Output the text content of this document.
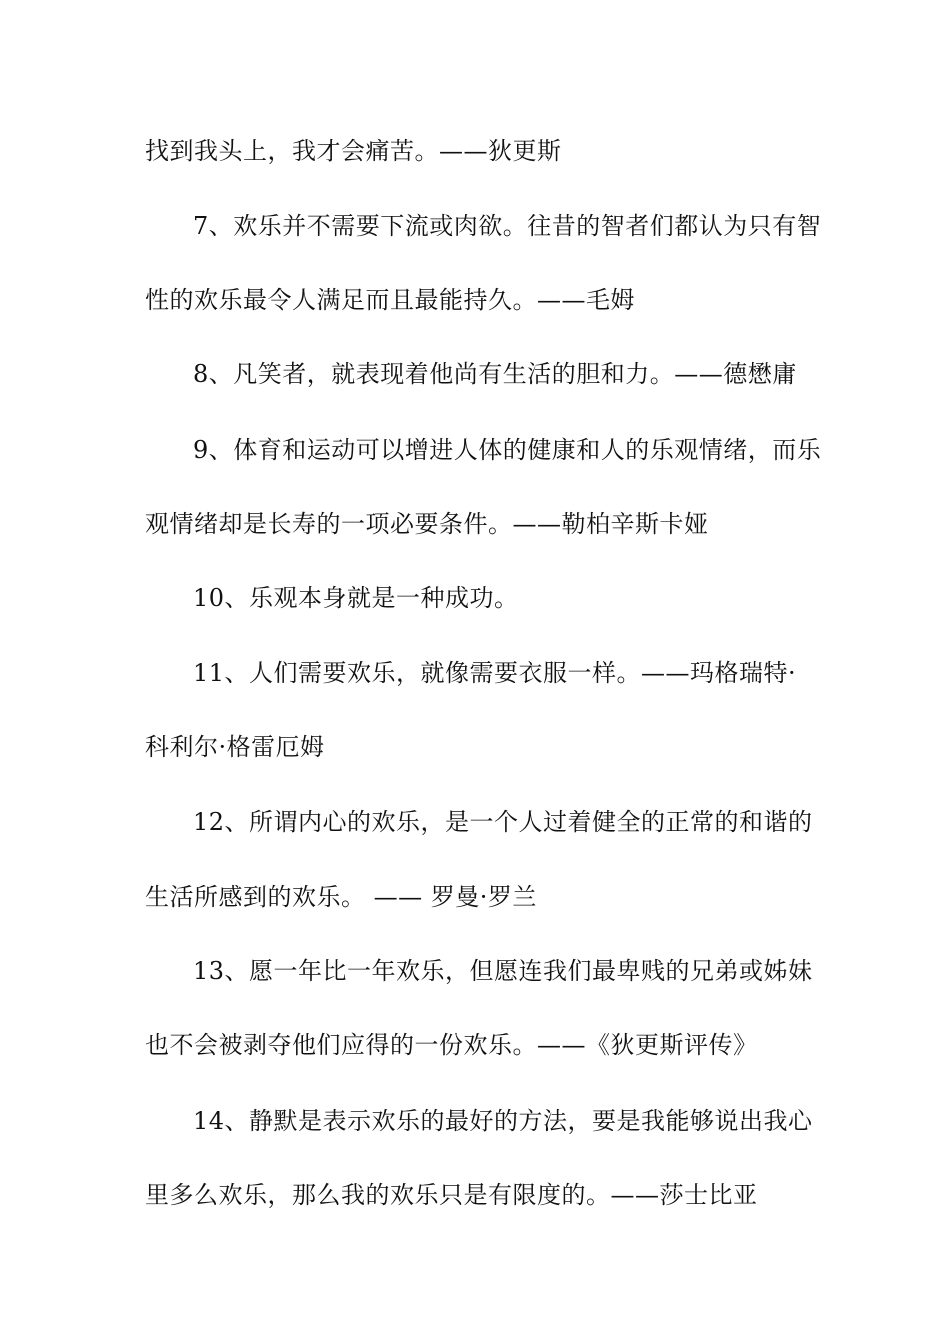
找到我头上，我才会痛苦。——狄更斯
7、欢乐并不需要下流或肉欲。往昔的智者们都认为只有智
性的欢乐最令人满足而且最能持久。——毛姆
8、凡笑者，就表现着他尚有生活的胆和力。——德懋庸
9、体育和运动可以增进人体的健康和人的乐观情绪，而乐
观情绪却是长寿的一项必要条件。——勒柏辛斯卡娅
10、乐观本身就是一种成功。
11、人们需要欢乐，就像需要衣服一样。——玛格瑞特·
科利尔·格雷厄姆
12、所谓内心的欢乐，是一个人过着健全的正常的和谐的
生活所感到的欢乐。 —— 罗曼·罗兰
13、愿一年比一年欢乐，但愿连我们最卑贱的兄弟或姊妹
也不会被剥夺他们应得的一份欢乐。——《狄更斯评传》
14、静默是表示欢乐的最好的方法，要是我能够说出我心
里多么欢乐，那么我的欢乐只是有限度的。——莎士比亚
